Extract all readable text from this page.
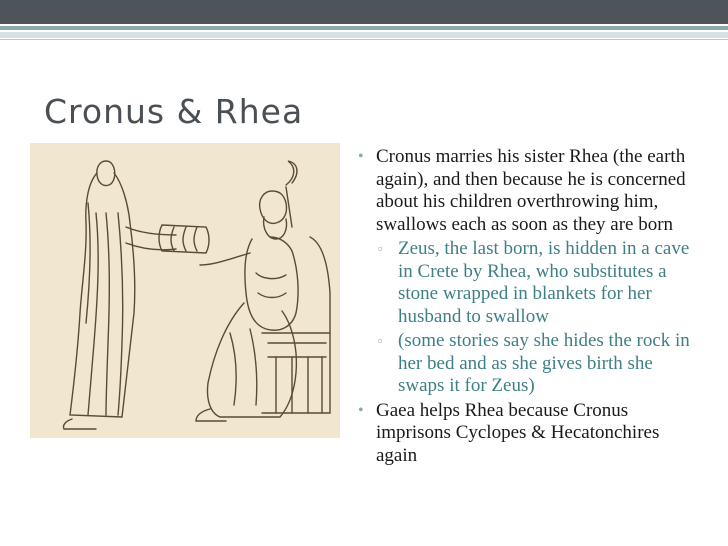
Cronus & Rhea
• Cronus marries his sister Rhea (the earth again), and then because he is concerned about his children overthrowing him, swallows each as soon as they are born
▫ Zeus, the last born, is hidden in a cave in Crete by Rhea, who substitutes a stone wrapped in blankets for her husband to swallow
▫ (some stories say she hides the rock in her bed and as she gives birth she swaps it for Zeus)
• Gaea helps Rhea because Cronus imprisons Cyclopes & Hecatonchires again
